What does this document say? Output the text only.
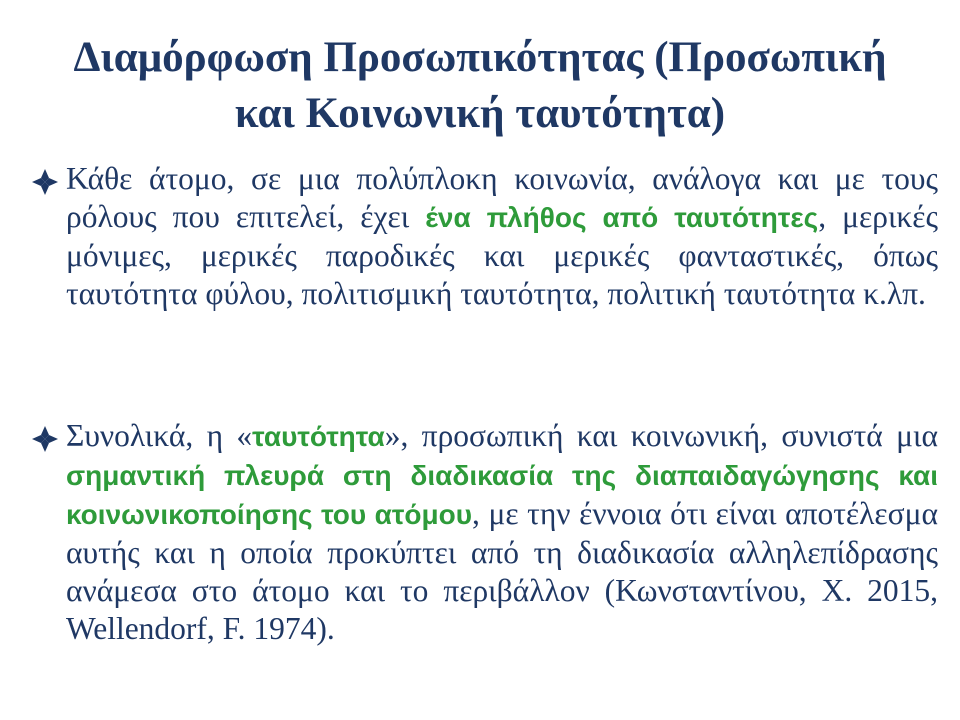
Διαμόρφωση Προσωπικότητας (Προσωπική
και Κοινωνική ταυτότητα)

Κάθε άτομο, σε μια πολύπλοκη κοινωνία, ανάλογα και με τους ρόλους που επιτελεί, έχει ένα πλήθος από ταυτότητες, μερικές μόνιμες, μερικές παροδικές και μερικές φανταστικές, όπως ταυτότητα φύλου, πολιτισμική ταυτότητα, πολιτική ταυτότητα κ.λπ.

Συνολικά, η «ταυτότητα», προσωπική και κοινωνική, συνιστά μια σημαντική πλευρά στη διαδικασία της διαπαιδαγώγησης και κοινωνικοποίησης του ατόμου, με την έννοια ότι είναι αποτέλεσμα αυτής και η οποία προκύπτει από τη διαδικασία αλληλεπίδρασης ανάμεσα στο άτομο και το περιβάλλον (Κωνσταντίνου, Χ. 2015, Wellendorf, F. 1974).
